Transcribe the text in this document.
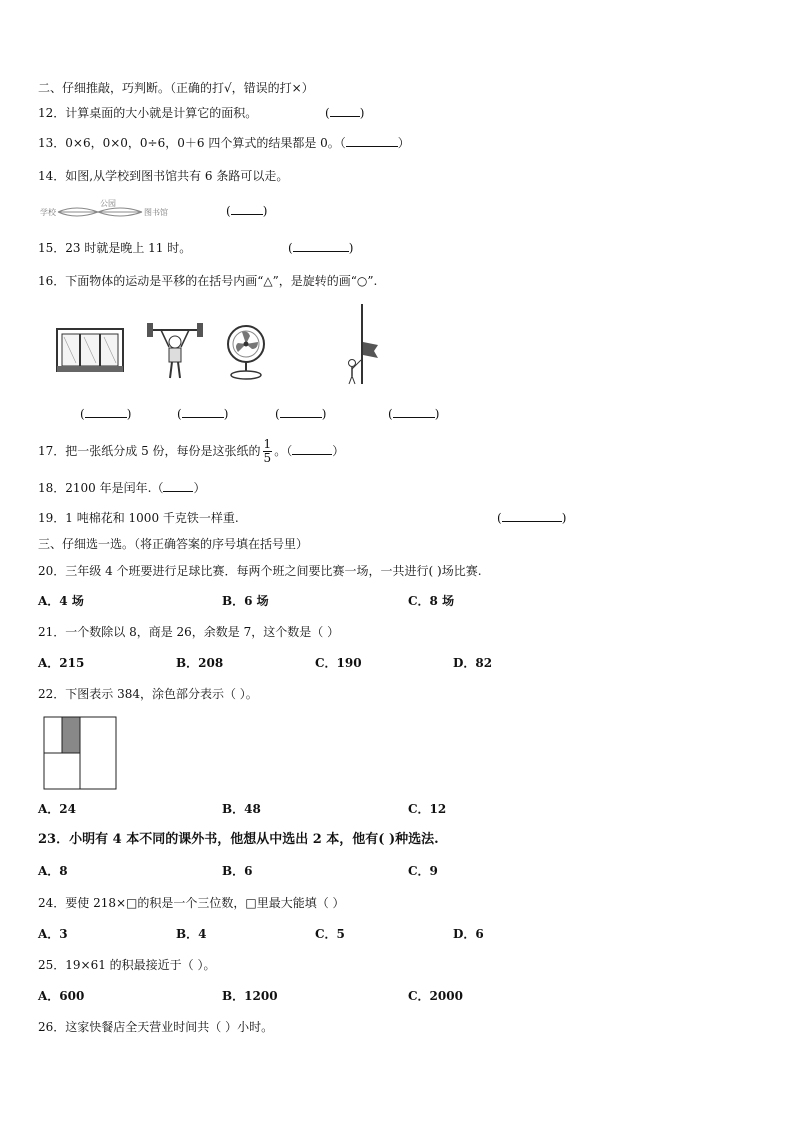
二、仔细推敲，巧判断。（正确的打√，错误的打×）
12．计算桌面的大小就是计算它的面积。	(	)
13．0×6，0×0，0÷6，0＋6 四个算式的结果都是 0。（	）
14．如图,从学校到图书馆共有 6 条路可以走。
学校
公园
图书馆	(	)
15．23 时就是晚上 11 时。	(	)
16．下面物体的运动是平移的在括号内画“△”，是旋转的画“○”.
(	)	(	)	(	)	(	)
17．把一张纸分成 5 份，每份是这张纸的 $\frac{1}{5}$ 。（	）
18．2100 年是闰年.（	）
19．1 吨棉花和 1000 千克铁一样重.	(	)
三、仔细选一选。（将正确答案的序号填在括号里）
20．三年级 4 个班要进行足球比赛．每两个班之间要比赛一场，一共进行( )场比赛.
A．4 场	B．6 场	C．8 场
21．一个数除以 8，商是 26，余数是 7，这个数是（ ）
A．215	B．208	C．190	D．82
22．下图表示 384，涂色部分表示（ ）。
A．24	B．48	C．12
23．小明有 4 本不同的课外书，他想从中选出 2 本，他有( )种选法.
A．8	B．6	C．9
24．要使 218×□的积是一个三位数，□里最大能填（ ）
A．3	B．4	C．5	D．6
25．19×61 的积最接近于（ ）。
A．600	B．1200	C．2000
26．这家快餐店全天营业时间共（ ）小时。
